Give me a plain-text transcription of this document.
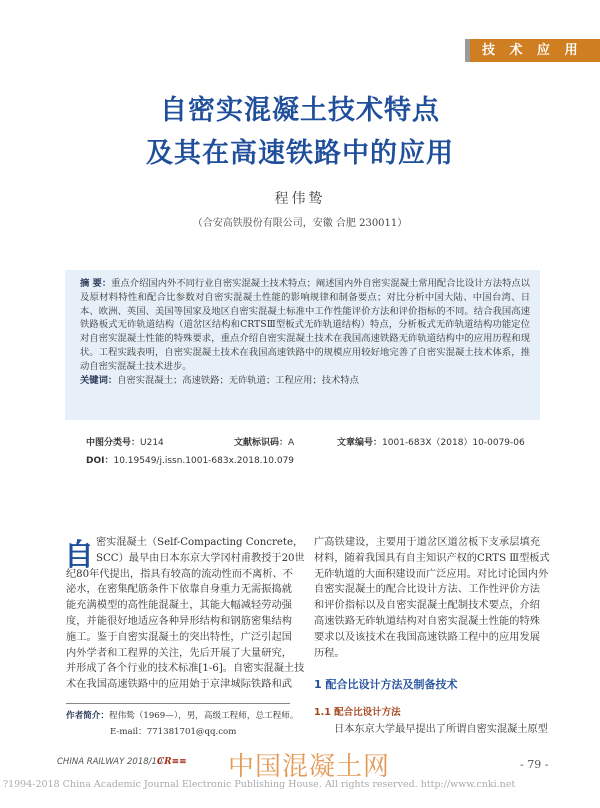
技 术 应 用
自密实混凝土技术特点
及其在高速铁路中的应用
程伟鸷
（合安高铁股份有限公司，安徽 合肥 230011）

摘 要：重点介绍国内外不同行业自密实混凝土技术特点；阐述国内外自密实混凝土常用配合比设计方法特点以及原材料特性和配合比参数对自密实混凝土性能的影响规律和制备要点；对比分析中国大陆、中国台湾、日本、欧洲、英国、美国等国家及地区自密实混凝土标准中工作性能评价方法和评价指标的不同。结合我国高速铁路板式无砟轨道结构（道岔区结构和CRTSⅢ型板式无砟轨道结构）特点，分析板式无砟轨道结构功能定位对自密实混凝土性能的特殊要求，重点介绍自密实混凝土技术在我国高速铁路无砟轨道结构中的应用历程和现状。工程实践表明，自密实混凝土技术在我国高速铁路中的规模应用较好地完善了自密实混凝土技术体系，推动自密实混凝土技术进步。

关键词：自密实混凝土；高速铁路；无砟轨道；工程应用；技术特点

中图分类号：U214	文献标识码：A	文章编号：1001-683X（2018）10-0079-06
DOI：10.19549/j.issn.1001-683x.2018.10.079
自 密实混凝土（Self-Compacting Concrete，
SCC）最早由日本东京大学冈村甫教授于20世
纪80年代提出，指具有较高的流动性而不离析、不
泌水，在密集配筋条件下依靠自身重力无需振捣就
能充满模型的高性能混凝土，其能大幅减轻劳动强
度，并能很好地适应各种异形结构和钢筋密集结构
施工。鉴于自密实混凝土的突出特性，广泛引起国
内外学者和工程界的关注，先后开展了大量研究，
并形成了各个行业的技术标准[1-6]。自密实混凝土技
术在我国高速铁路中的应用始于京津城际铁路和武
广高铁建设，主要用于道岔区道岔板下支承层填充
材料，随着我国具有自主知识产权的CRTS Ⅲ型板式
无砟轨道的大面积建设而广泛应用。对比讨论国内外
自密实混凝土的配合比设计方法、工作性评价方法
和评价指标以及自密实混凝土配制技术要点，介绍
高速铁路无砟轨道结构对自密实混凝土性能的特殊
要求以及该技术在我国高速铁路工程中的应用发展
历程。
1 配合比设计方法及制备技术
1.1 配合比设计方法
日本东京大学最早提出了所谓自密实混凝土原型
作者简介：程伟鸷（1969—），男，高级工程师，总工程师。
E-mail：771381701@qq.com
CHINA RAILWAY 2018/10
CR≡≡ 中国混凝土网	- 79 -
?1994-2018 China Academic Journal Electronic Publishing House. All rights reserved. http://www.cnki.net
